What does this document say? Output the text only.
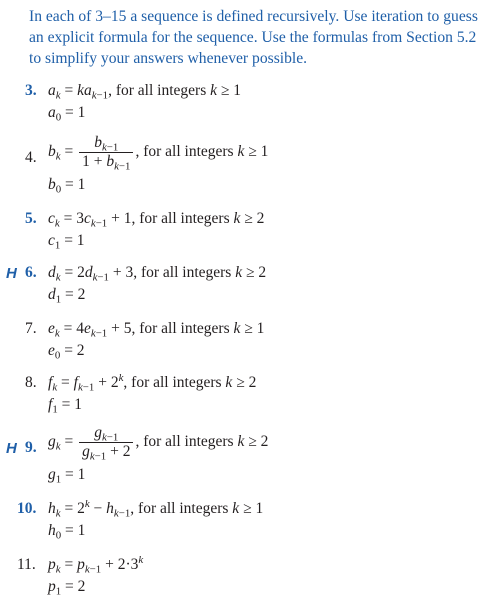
In each of 3–15 a sequence is defined recursively. Use iteration to guess an explicit formula for the sequence. Use the formulas from Section 5.2 to simplify your answers whenever possible.
3. $a_k = ka_{k-1}$, for all integers k ≥ 1
$a_0 = 1$
4. $b_k = \frac{b_{k-1}}{1 + b_{k-1}}$ , for all integers k ≥ 1
$b_0 = 1$
5. $c_k = 3c_{k-1} + 1$, for all integers k ≥ 2
$c_1 = 1$
H 6. $d_k = 2d_{k-1} + 3$, for all integers k ≥ 2
$d_1 = 2$
7. $e_k = 4e_{k-1} + 5$, for all integers k ≥ 1
$e_0 = 2$
8. $f_k = f_{k-1} + 2^k$, for all integers k ≥ 2
$f_1 = 1$
H 9. $g_k = \frac{g_{k-1}}{g_{k-1} + 2}$ , for all integers k ≥ 2
$g_1 = 1$
10. $h_k = 2^k - h_{k-1}$, for all integers k ≥ 1
$h_0 = 1$
11. $p_k = p_{k-1} + 2\cdot 3^k$
$p_1 = 2$
